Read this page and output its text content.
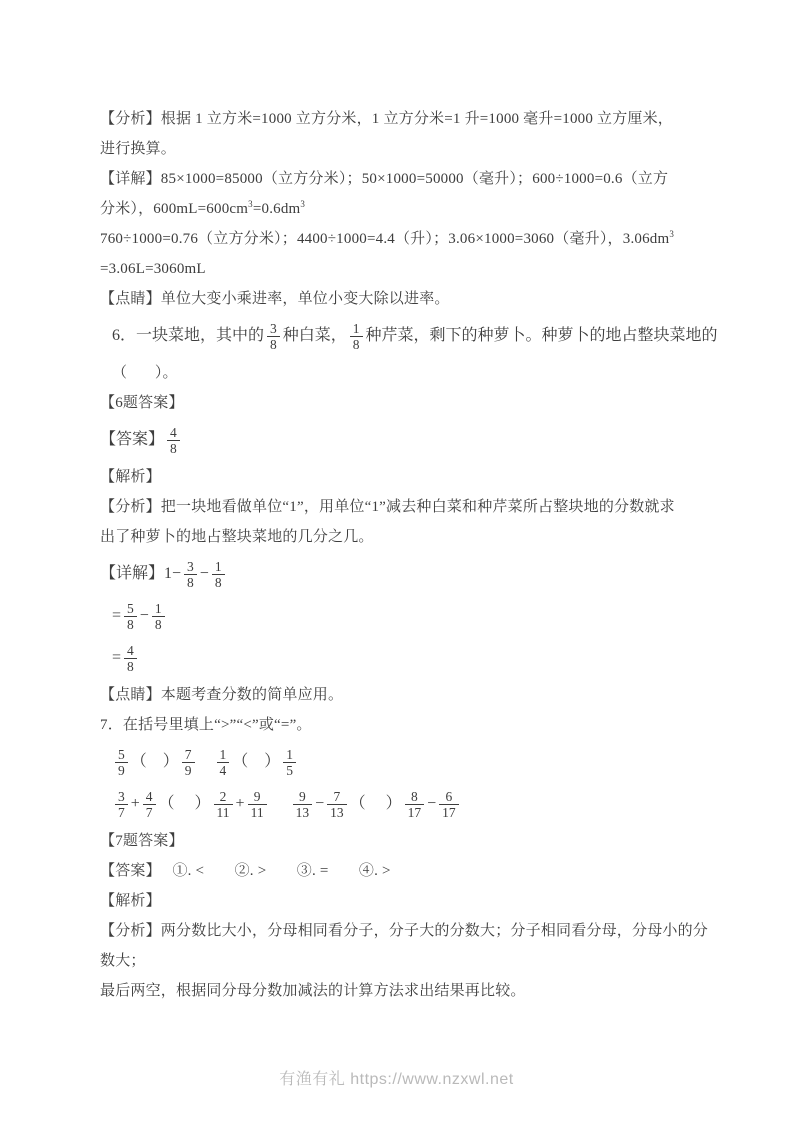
【分析】根据 1 立方米=1000 立方分米，1 立方分米=1 升=1000 毫升=1000 立方厘米，
进行换算。
【详解】85×1000=85000（立方分米）；50×1000=50000（毫升）；600÷1000=0.6（立方
分米），$600mL=600cm^3=0.6dm^3$
760÷1000=0.76（立方分米）；4400÷1000=4.4（升）；3.06×1000=3060（毫升），$3.06dm^3$
=3.06L=3060mL
【点睛】单位大变小乘进率，单位小变大除以进率。
6．一块菜地，其中的 $\frac{3}{8}$ 种白菜， $\frac{1}{8}$ 种芹菜，剩下的种萝卜。种萝卜的地占整块菜地的
（       ）。
【6题答案】
【答案】 $\frac{4}{8}$
【解析】
【分析】把一块地看做单位“1”，用单位“1”减去种白菜和种芹菜所占整块地的分数就求
出了种萝卜的地占整块菜地的几分之几。
【详解】$1- \frac{3}{8} - \frac{1}{8}$
= $\frac{5}{8} - \frac{1}{8}$
= $\frac{4}{8}$
【点睛】本题考查分数的简单应用。
7．在括号里填上“>”“<”或“=”。
$\frac{5}{9}$ （    ） $\frac{7}{9}$
　 $\frac{1}{4}$ （    ） $\frac{1}{5}$
$\frac{3}{7} + \frac{4}{7}$ （     ） $\frac{2}{11} + \frac{9}{11}$
　 $\frac{9}{13} - \frac{7}{13}$ （     ） $\frac{8}{17} - \frac{6}{17}$
【7题答案】
【答案】　 ①. <　　②. >　　③. =　　④. >
【解析】
【分析】两分数比大小，分母相同看分子，分子大的分数大；分子相同看分母，分母小的分
数大；
最后两空，根据同分母分数加减法的计算方法求出结果再比较。
有渔有礼 https://www.nzxwl.net
